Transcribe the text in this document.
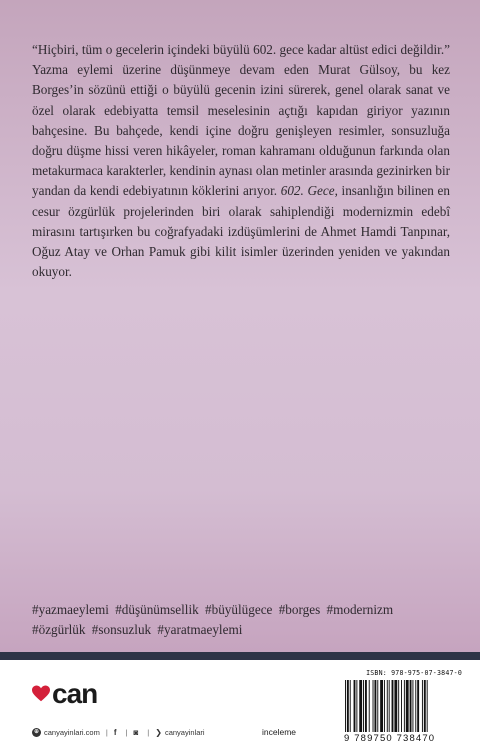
“Hiçbiri, tüm o gecelerin içindeki büyülü 602. gece kadar altüst edici değildir.” Yazma eylemi üzerine düşünmeye devam eden Murat Gülsoy, bu kez Borges’in sözünü ettiği o büyülü gecenin izini sürerek, genel olarak sanat ve özel olarak edebiyatta temsil meselesinin açtığı kapıdan giriyor yazının bahçesine. Bu bahçede, kendi içine doğru genişleyen resimler, sonsuzluğa doğru düşme hissi veren hikâyeler, roman kahramanı olduğunun farkında olan metakurmaca karakterler, kendinin aynası olan metinler arasında gezinirken bir yandan da kendi edebiyatının köklerini arıyor. 602. Gece, insanlığın bilinen en cesur özgürlük projelerinden biri olarak sahiplendiği modernizmin edebî mirasını tartışırken bu coğrafyadaki izdüşümlerini de Ahmet Hamdi Tanpınar, Oğuz Atay ve Orhan Pamuk gibi kilit isimler üzerinden yeniden ve yakından okuyor.

#yazmaeylemi #düşünümsellik #büyülügece #borges #modernizm
#özgürlük #sonsuzluk #yaratmaeylemi
can
⊕ canyayinlari.com | f | ◙ | ❯ canyayinlari	inceleme
ISBN: 978-975-07-3847-0
9 789750 738470
